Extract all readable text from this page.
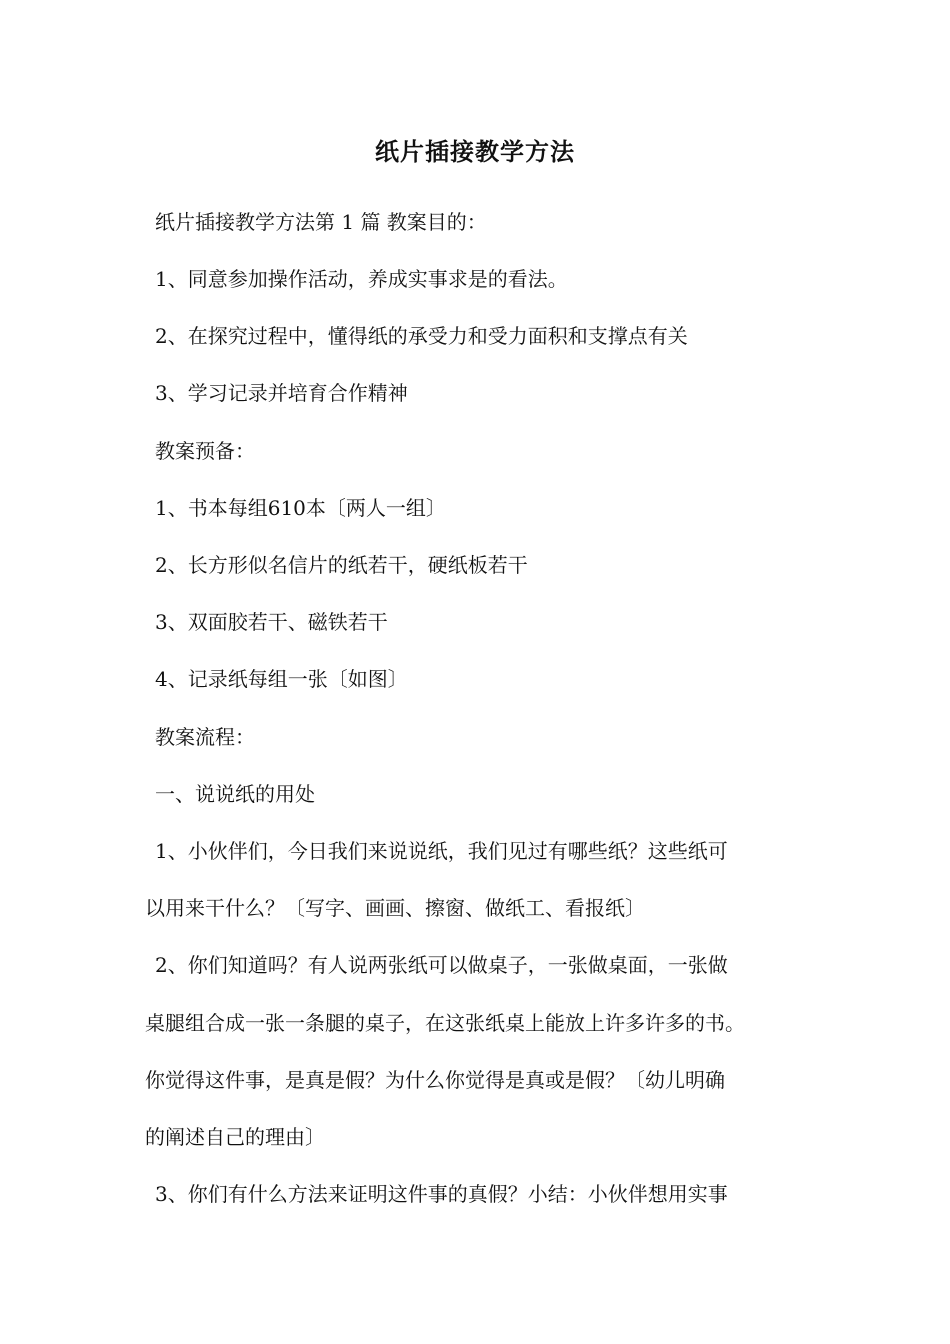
纸片插接教学方法
纸片插接教学方法第 1 篇 教案目的：
1、同意参加操作活动，养成实事求是的看法。
2、在探究过程中，懂得纸的承受力和受力面积和支撑点有关
3、学习记录并培育合作精神
教案预备：
1、书本每组610本〔两人一组〕
2、长方形似名信片的纸若干，硬纸板若干
3、双面胶若干、磁铁若干
4、记录纸每组一张〔如图〕
教案流程：
一、说说纸的用处
1、小伙伴们，今日我们来说说纸，我们见过有哪些纸？这些纸可
以用来干什么？〔写字、画画、擦窗、做纸工、看报纸〕
2、你们知道吗？有人说两张纸可以做桌子，一张做桌面，一张做
桌腿组合成一张一条腿的桌子，在这张纸桌上能放上许多许多的书。
你觉得这件事，是真是假？为什么你觉得是真或是假？〔幼儿明确
的阐述自己的理由〕
3、你们有什么方法来证明这件事的真假？小结：小伙伴想用实事
